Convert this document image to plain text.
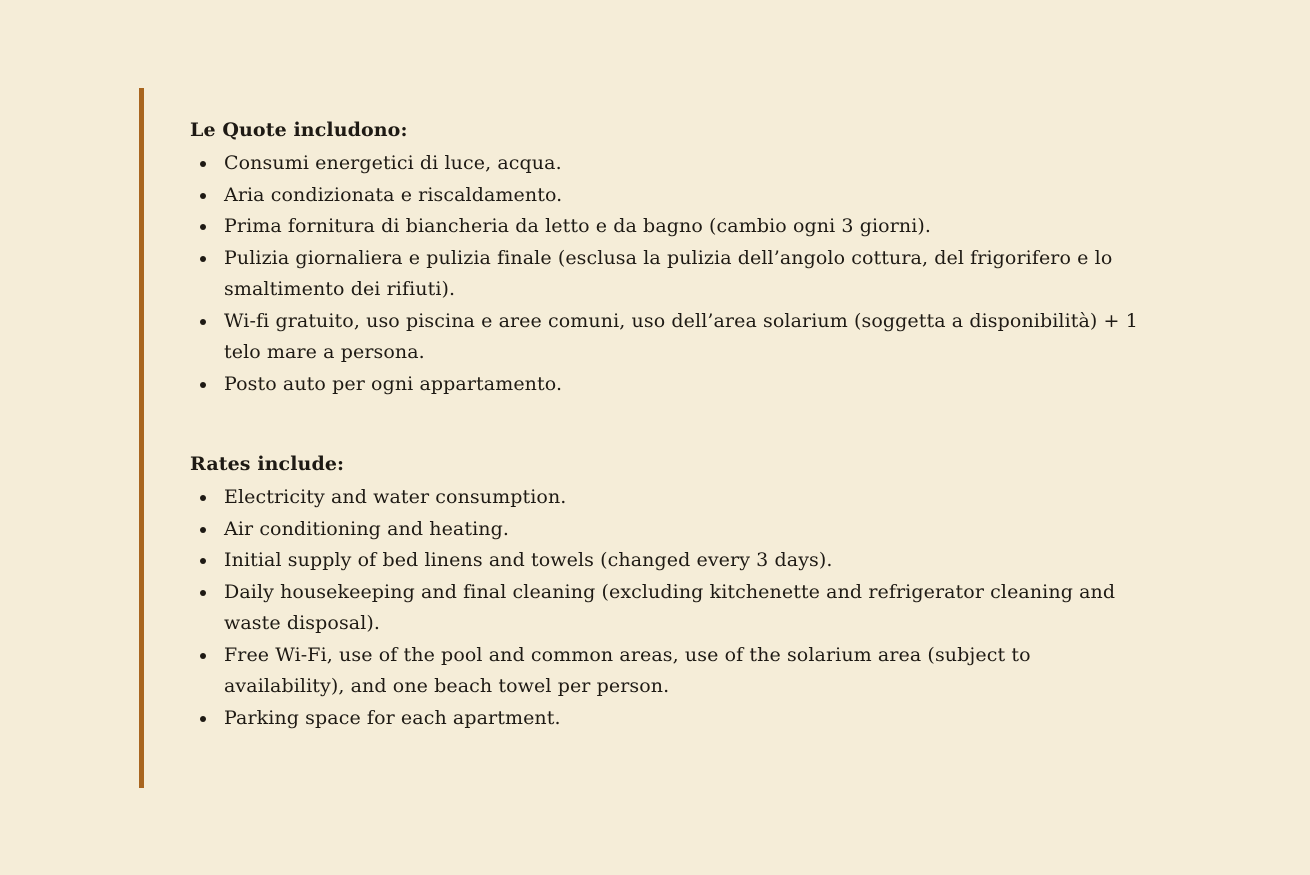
Le Quote includono:

Consumi energetici di luce, acqua.
Aria condizionata e riscaldamento.
Prima fornitura di biancheria da letto e da bagno (cambio ogni 3 giorni).
Pulizia giornaliera e pulizia finale (esclusa la pulizia dell’angolo cottura, del frigorifero e lo smaltimento dei rifiuti).
Wi-fi gratuito, uso piscina e aree comuni, uso dell’area solarium (soggetta a disponibilità) + 1 telo mare a persona.
Posto auto per ogni appartamento.

Rates include:

Electricity and water consumption.
Air conditioning and heating.
Initial supply of bed linens and towels (changed every 3 days).
Daily housekeeping and final cleaning (excluding kitchenette and refrigerator cleaning and waste disposal).
Free Wi-Fi, use of the pool and common areas, use of the solarium area (subject to availability), and one beach towel per person.
Parking space for each apartment.
